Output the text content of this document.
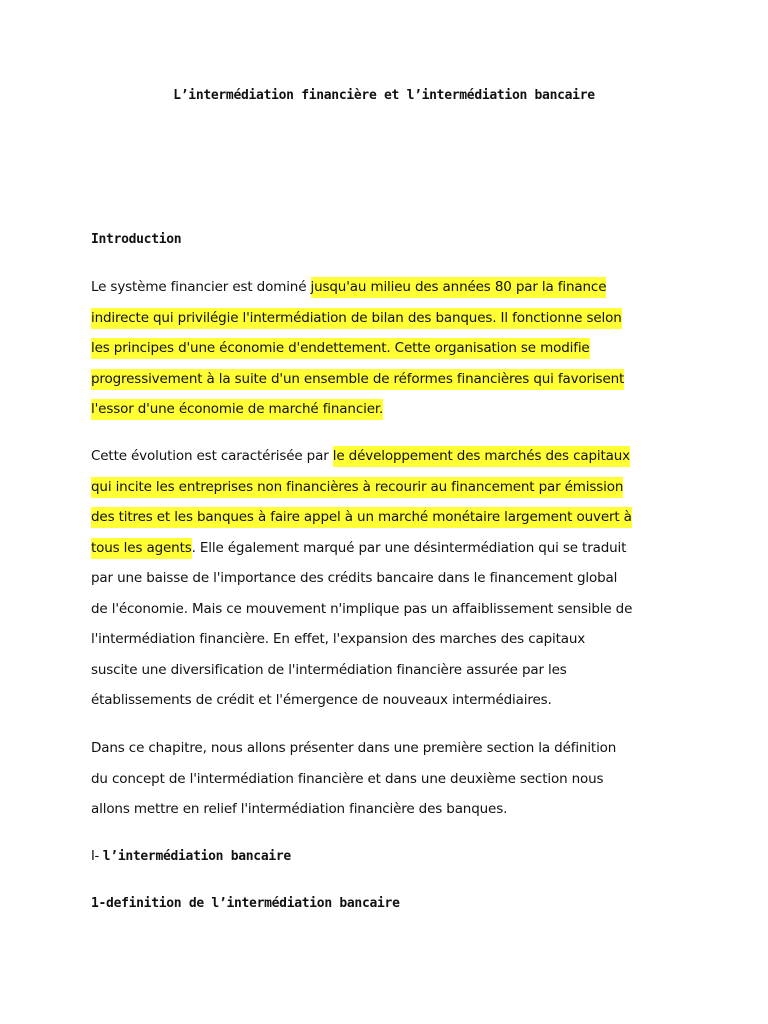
L’intermédiation financière et l’intermédiation bancaire
Introduction
Le système financier est dominé jusqu'au milieu des années 80 par la finance
indirecte qui privilégie l'intermédiation de bilan des banques. Il fonctionne selon
les principes d'une économie d'endettement. Cette organisation se modifie
progressivement à la suite d'un ensemble de réformes financières qui favorisent
l'essor d'une économie de marché financier.
Cette évolution est caractérisée par le développement des marchés des capitaux
qui incite les entreprises non financières à recourir au financement par émission
des titres et les banques à faire appel à un marché monétaire largement ouvert à
tous les agents. Elle également marqué par une désintermédiation qui se traduit
par une baisse de l'importance des crédits bancaire dans le financement global
de l'économie. Mais ce mouvement n'implique pas un affaiblissement sensible de
l'intermédiation financière. En effet, l'expansion des marches des capitaux
suscite une diversification de l'intermédiation financière assurée par les
établissements de crédit et l'émergence de nouveaux intermédiaires.
Dans ce chapitre, nous allons présenter dans une première section la définition
du concept de l'intermédiation financière et dans une deuxième section nous
allons mettre en relief l'intermédiation financière des banques.
I- l’intermédiation bancaire
1-definition de l’intermédiation bancaire
